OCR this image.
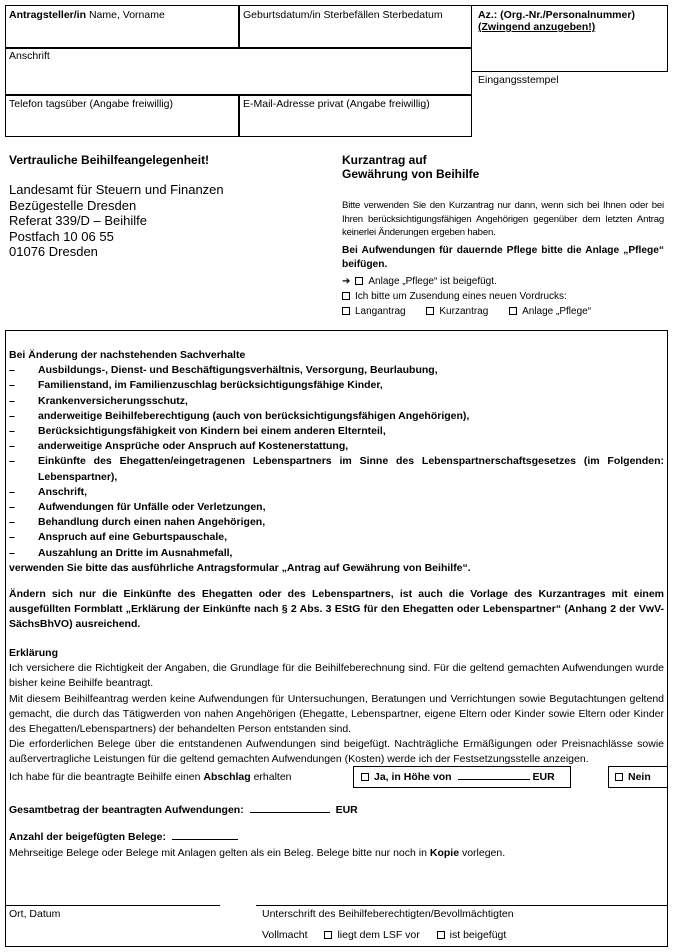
Antragsteller/in Name, Vorname	Geburtsdatum/in Sterbefällen Sterbedatum	Az.: (Org.-Nr./Personalnummer)
(Zwingend anzugeben!)
Anschrift
Eingangsstempel
Telefon tagsüber (Angabe freiwillig)	E-Mail-Adresse privat (Angabe freiwillig)
Vertrauliche Beihilfeangelegenheit!
Landesamt für Steuern und Finanzen
Bezügestelle Dresden
Referat 339/D – Beihilfe
Postfach 10 06 55
01076 Dresden
Kurzantrag auf
Gewährung von Beihilfe
Bitte verwenden Sie den Kurzantrag nur dann, wenn sich bei Ihnen oder bei Ihren berücksichtigungsfähigen Angehörigen gegenüber dem letzten Antrag keinerlei Änderungen ergeben haben.
Bei Aufwendungen für dauernde Pflege bitte die Anlage „Pflege“ beifügen.
➔ Anlage „Pflege“ ist beigefügt.
Ich bitte um Zusendung eines neuen Vordrucks:
Langantrag	Kurzantrag	Anlage „Pflege“
Bei Änderung der nachstehenden Sachverhalte
–	Ausbildungs-, Dienst- und Beschäftigungsverhältnis, Versorgung, Beurlaubung,
–	Familienstand, im Familienzuschlag berücksichtigungsfähige Kinder,
–	Krankenversicherungsschutz,
–	anderweitige Beihilfeberechtigung (auch von berücksichtigungsfähigen Angehörigen),
–	Berücksichtigungsfähigkeit von Kindern bei einem anderen Elternteil,
–	anderweitige Ansprüche oder Anspruch auf Kostenerstattung,
–	Einkünfte des Ehegatten/eingetragenen Lebenspartners im Sinne des Lebenspartnerschaftsgesetzes (im Folgenden: Lebenspartner),
–	Anschrift,
–	Aufwendungen für Unfälle oder Verletzungen,
–	Behandlung durch einen nahen Angehörigen,
–	Anspruch auf eine Geburtspauschale,
–	Auszahlung an Dritte im Ausnahmefall,
verwenden Sie bitte das ausführliche Antragsformular „Antrag auf Gewährung von Beihilfe“.
Ändern sich nur die Einkünfte des Ehegatten oder des Lebenspartners, ist auch die Vorlage des Kurzantrages mit einem ausgefüllten Formblatt „Erklärung der Einkünfte nach § 2 Abs. 3 EStG für den Ehegatten oder Lebenspartner“ (Anhang 2 der VwV-SächsBhVO) ausreichend.
Erklärung
Ich versichere die Richtigkeit der Angaben, die Grundlage für die Beihilfeberechnung sind. Für die geltend gemachten Aufwendungen wurde bisher keine Beihilfe beantragt.
Mit diesem Beihilfeantrag werden keine Aufwendungen für Untersuchungen, Beratungen und Verrichtungen sowie Begutachtungen geltend gemacht, die durch das Tätigwerden von nahen Angehörigen (Ehegatte, Lebenspartner, eigene Eltern oder Kinder sowie Eltern oder Kinder des Ehegatten/Lebenspartners) der behandelten Person entstanden sind.
Die erforderlichen Belege über die entstandenen Aufwendungen sind beigefügt. Nachträgliche Ermäßigungen oder Preisnachlässe sowie außervertragliche Leistungen für die geltend gemachten Aufwendungen (Kosten) werde ich der Festsetzungsstelle anzeigen.
Ich habe für die beantragte Beihilfe einen Abschlag erhalten	Ja, in Höhe von	EUR	Nein
Gesamtbetrag der beantragten Aufwendungen:	EUR
Anzahl der beigefügten Belege:
Mehrseitige Belege oder Belege mit Anlagen gelten als ein Beleg. Belege bitte nur noch in Kopie vorlegen.
Ort, Datum	Unterschrift des Beihilfeberechtigten/Bevollmächtigten
Vollmacht	liegt dem LSF vor	ist beigefügt
